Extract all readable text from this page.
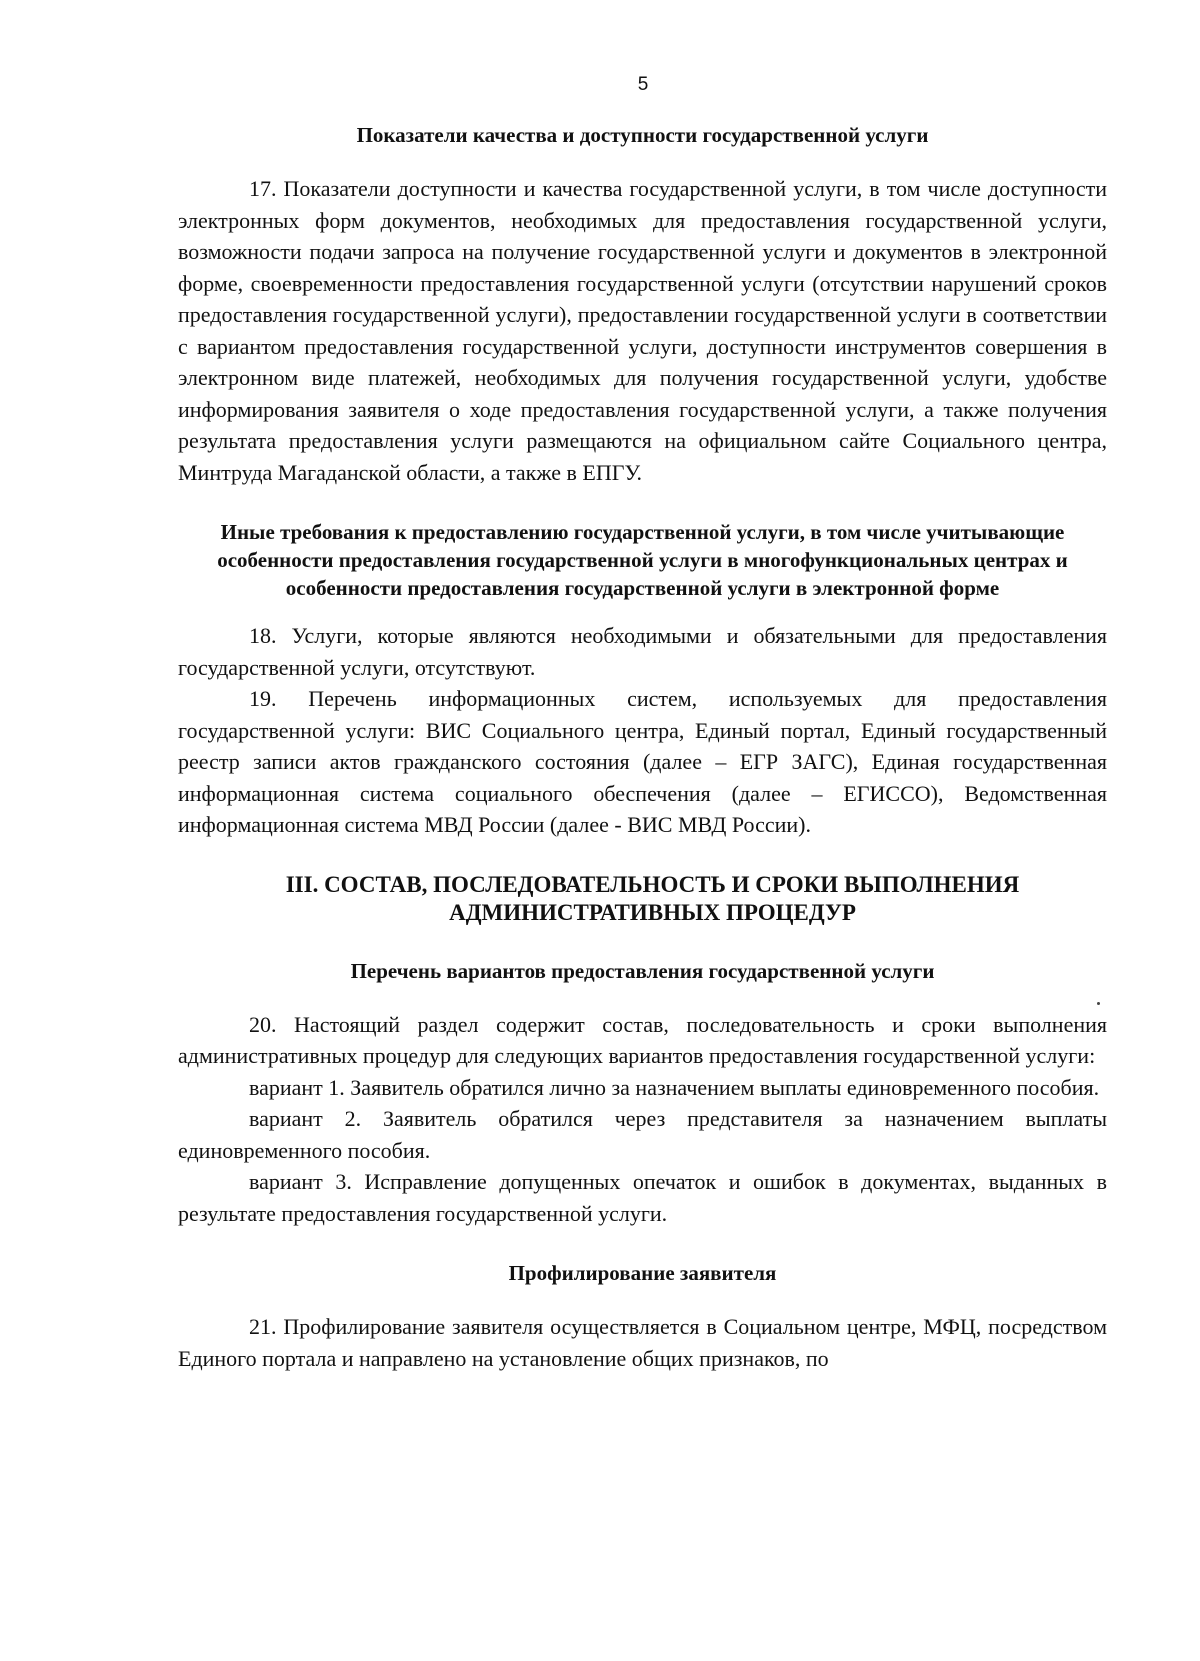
5
Показатели качества и доступности государственной услуги

17. Показатели доступности и качества государственной услуги, в том числе доступности электронных форм документов, необходимых для предоставления государственной услуги, возможности подачи запроса на получение государственной услуги и документов в электронной форме, своевременности предоставления государственной услуги (отсутствии нарушений сроков предоставления государственной услуги), предоставлении государственной услуги в соответствии с вариантом предоставления государственной услуги, доступности инструментов совершения в электронном виде платежей, необходимых для получения государственной услуги, удобстве информирования заявителя о ходе предоставления государственной услуги, а также получения результата предоставления услуги размещаются на официальном сайте Социального центра, Минтруда Магаданской области, а также в ЕПГУ.

Иные требования к предоставлению государственной услуги, в том числе учитывающие особенности предоставления государственной услуги в многофункциональных центрах и особенности предоставления государственной услуги в электронной форме

18. Услуги, которые являются необходимыми и обязательными для предоставления государственной услуги, отсутствуют.

19. Перечень информационных систем, используемых для предоставления государственной услуги: ВИС Социального центра, Единый портал, Единый государственный реестр записи актов гражданского состояния (далее – ЕГР ЗАГС), Единая государственная информационная система социального обеспечения (далее – ЕГИССО), Ведомственная информационная система МВД России (далее - ВИС МВД России).

III. СОСТАВ, ПОСЛЕДОВАТЕЛЬНОСТЬ И СРОКИ ВЫПОЛНЕНИЯ АДМИНИСТРАТИВНЫХ ПРОЦЕДУР
Перечень вариантов предоставления государственной услуги

20. Настоящий раздел содержит состав, последовательность и сроки выполнения административных процедур для следующих вариантов предоставления государственной услуги:

вариант 1. Заявитель обратился лично за назначением выплаты единовременного пособия.

вариант 2. Заявитель обратился через представителя за назначением выплаты единовременного пособия.

вариант 3. Исправление допущенных опечаток и ошибок в документах, выданных в результате предоставления государственной услуги.

Профилирование заявителя

21. Профилирование заявителя осуществляется в Социальном центре, МФЦ, посредством Единого портала и направлено на установление общих признаков, по
